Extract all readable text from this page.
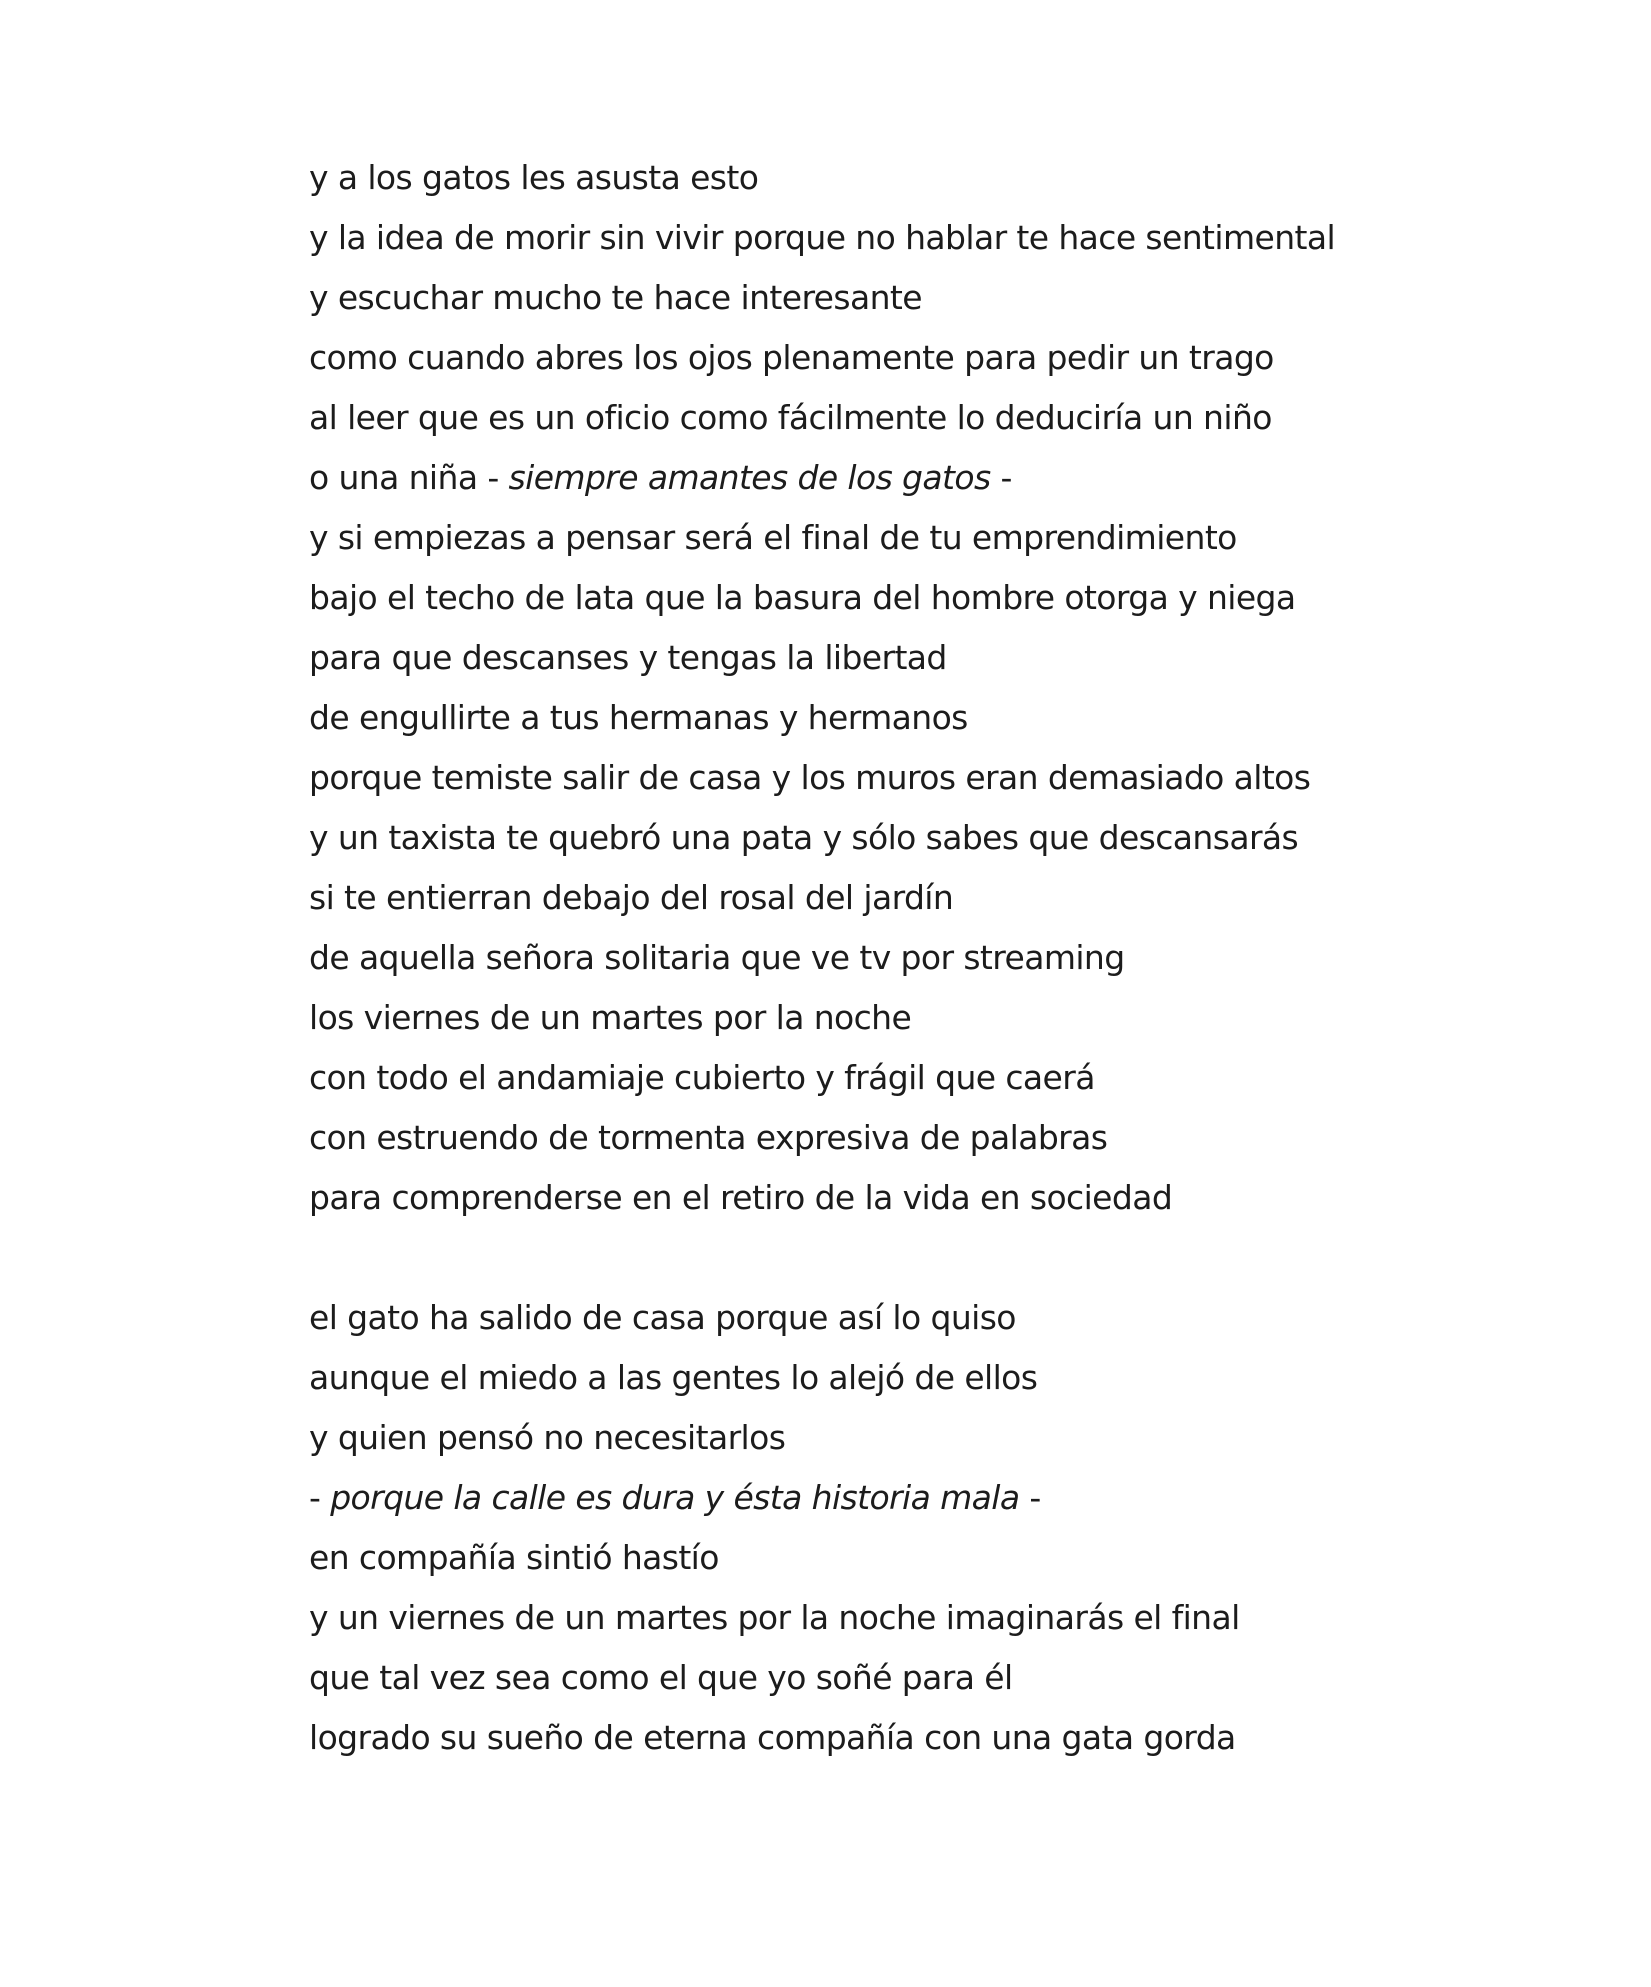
y a los gatos les asusta esto
y la idea de morir sin vivir porque no hablar te hace sentimental
y escuchar mucho te hace interesante
como cuando abres los ojos plenamente para pedir un trago
al leer que es un oficio como fácilmente lo deduciría un niño
o una niña - siempre amantes de los gatos -
y si empiezas a pensar será el final de tu emprendimiento
bajo el techo de lata que la basura del hombre otorga y niega
para que descanses y tengas la libertad
de engullirte a tus hermanas y hermanos
porque temiste salir de casa y los muros eran demasiado altos
y un taxista te quebró una pata y sólo sabes que descansarás
si te entierran debajo del rosal del jardín
de aquella señora solitaria que ve tv por streaming
los viernes de un martes por la noche
con todo el andamiaje cubierto y frágil que caerá
con estruendo de tormenta expresiva de palabras
para comprenderse en el retiro de la vida en sociedad
el gato ha salido de casa porque así lo quiso
aunque el miedo a las gentes lo alejó de ellos
y quien pensó no necesitarlos
- porque la calle es dura y ésta historia mala -
en compañía sintió hastío
y un viernes de un martes por la noche imaginarás el final
que tal vez sea como el que yo soñé para él
logrado su sueño de eterna compañía con una gata gorda
